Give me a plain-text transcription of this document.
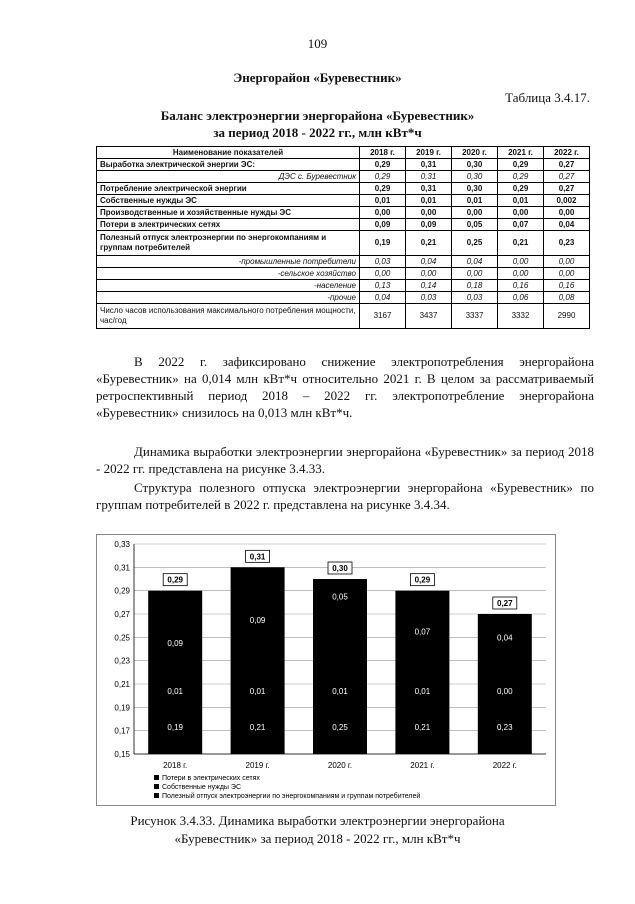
109
Энергорайон «Буревестник»
Таблица 3.4.17.
Баланс электроэнергии энергорайона «Буревестник»
за период 2018 - 2022 гг., млн кВт*ч
Наименование показателей	2018 г.	2019 г.	2020 г.	2021 г.	2022 г.
Выработка электрической энергии ЭС:	0,29	0,31	0,30	0,29	0,27
ДЭС с. Буревестник	0,29	0,31	0,30	0,29	0,27
Потребление электрической энергии	0,29	0,31	0,30	0,29	0,27
Собственные нужды ЭС	0,01	0,01	0,01	0,01	0,002
Производственные и хозяйственные нужды ЭС	0,00	0,00	0,00	0,00	0,00
Потери в электрических сетях	0,09	0,09	0,05	0,07	0,04
Полезный отпуск электроэнергии по энергокомпаниям и группам потребителей	0,19	0,21	0,25	0,21	0,23
-промышленные потребители	0,03	0,04	0,04	0,00	0,00
-сельское хозяйство	0,00	0,00	0,00	0,00	0,00
-население	0,13	0,14	0,18	0,16	0,16
-прочие	0,04	0,03	0,03	0,06	0,08
Число часов использования максимального потребления мощности, час/год	3167	3437	3337	3332	2990
В 2022 г. зафиксировано снижение электропотребления энергорайона «Буревестник» на 0,014 млн кВт*ч относительно 2021 г. В целом за рассматриваемый ретроспективный период 2018 – 2022 гг. электропотребление энергорайона «Буревестник» снизилось на 0,013 млн кВт*ч.
Динамика выработки электроэнергии энергорайона «Буревестник» за период 2018 - 2022 гг. представлена на рисунке 3.4.33.
Структура полезного отпуска электроэнергии энергорайона «Буревестник» по группам потребителей в 2022 г. представлена на рисунке 3.4.34.
0,15
0,17
0,19
0,21
0,23
0,25
0,27
0,29
0,31
0,33
0,19
0,01
0,09
0,29
2018 г.
0,21
0,01
0,09
0,31
2019 г.
0,25
0,01
0,05
0,30
2020 г.
0,21
0,01
0,07
0,29
2021 г.
0,23
0,00
0,04
0,27
2022 г.
Потери в электрических сетях
Собственные нужды ЭС
Полезный отпуск электроэнергии по энергокомпаниям и группам потребителей
Рисунок 3.4.33. Динамика выработки электроэнергии энергорайона
«Буревестник» за период 2018 - 2022 гг., млн кВт*ч
